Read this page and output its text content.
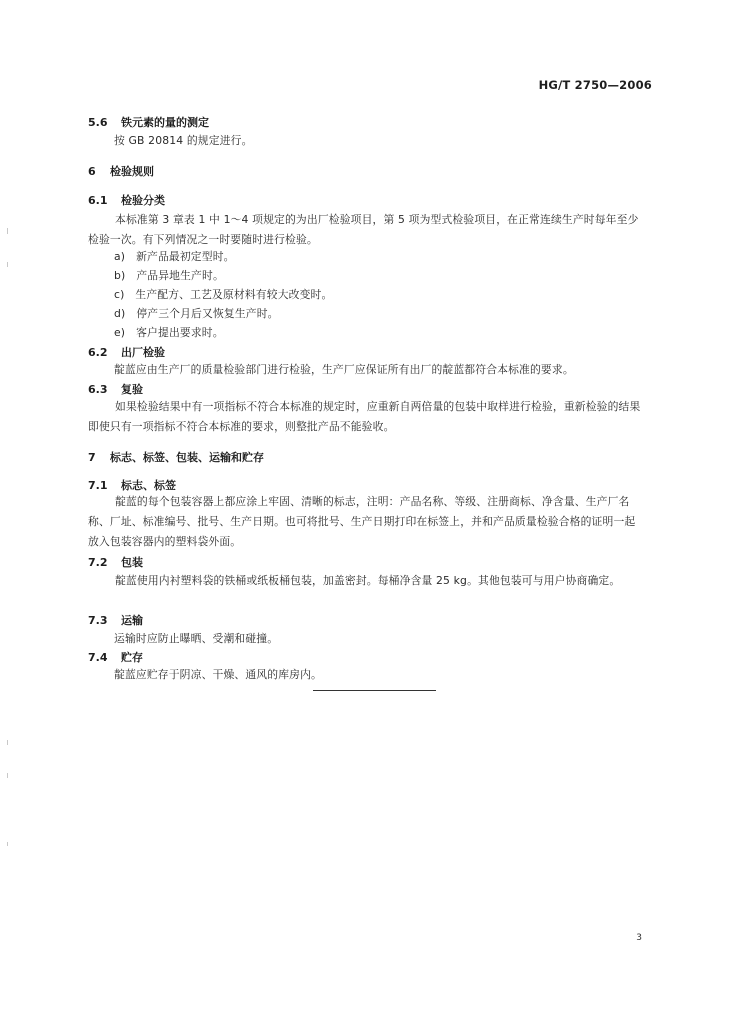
HG/T 2750—2006
5.6 铁元素的量的测定
按 GB 20814 的规定进行。
6 检验规则
6.1 检验分类
本标准第 3 章表 1 中 1～4 项规定的为出厂检验项目，第 5 项为型式检验项目，在正常连续生产时每年至少检验一次。有下列情况之一时要随时进行检验。
a)　新产品最初定型时。
b)　产品异地生产时。
c)　生产配方、工艺及原材料有较大改变时。
d)　停产三个月后又恢复生产时。
e)　客户提出要求时。
6.2 出厂检验
靛蓝应由生产厂的质量检验部门进行检验，生产厂应保证所有出厂的靛蓝都符合本标准的要求。
6.3 复验
如果检验结果中有一项指标不符合本标准的规定时，应重新自两倍量的包装中取样进行检验，重新检验的结果即使只有一项指标不符合本标准的要求，则整批产品不能验收。
7 标志、标签、包装、运输和贮存
7.1 标志、标签
靛蓝的每个包装容器上都应涂上牢固、清晰的标志，注明：产品名称、等级、注册商标、净含量、生产厂名称、厂址、标准编号、批号、生产日期。也可将批号、生产日期打印在标签上，并和产品质量检验合格的证明一起放入包装容器内的塑料袋外面。
7.2 包装
靛蓝使用内衬塑料袋的铁桶或纸板桶包装，加盖密封。每桶净含量 25 kg。其他包装可与用户协商确定。
7.3 运输
运输时应防止曝晒、受潮和碰撞。
7.4 贮存
靛蓝应贮存于阴凉、干燥、通风的库房内。
3
